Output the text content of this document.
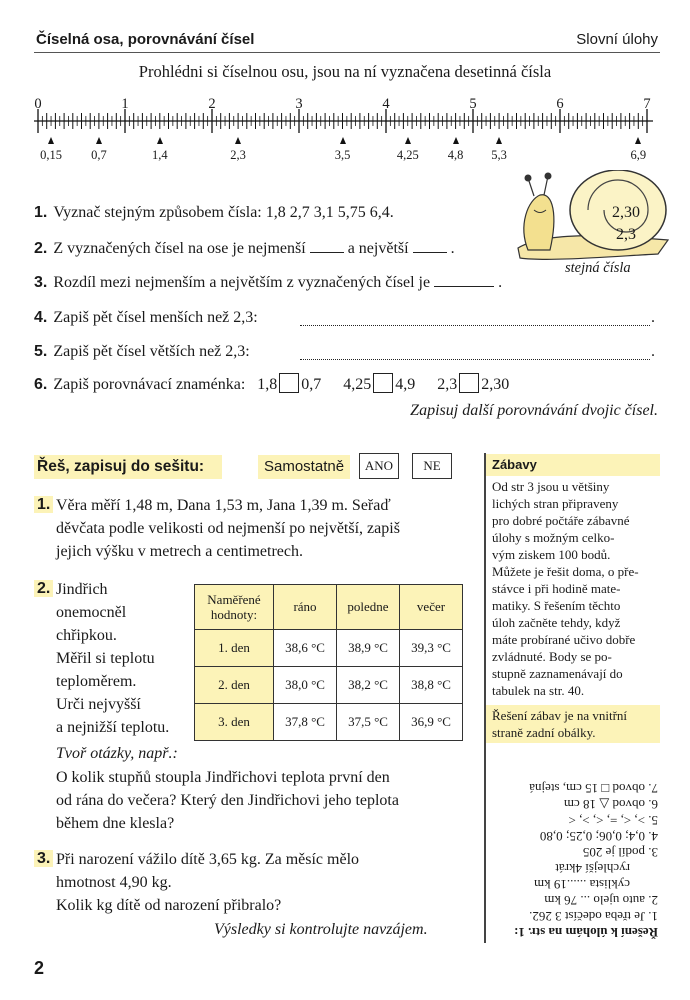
Číselná osa, porovnávání čísel	Slovní úlohy
Prohlédni si číselnou osu, jsou na ní vyznačena desetinná čísla
0	1	2	3	4	5	6	7
0,15 0,7	1,4	2,3	3,5	4,25 4,8 5,3	6,9
2,30
2,3
stejná čísla
1. Vyznač stejným způsobem čísla: 1,8 2,7 3,1 5,75 6,4.
2. Z vyznačených čísel na ose je nejmenší	a největší	.
3. Rozdíl mezi nejmenším a největším z vyznačených čísel je	.
4. Zapiš pět čísel menších než 2,3:	.
5. Zapiš pět čísel větších než 2,3:	.
6. Zapiš porovnávací znaménka: 1,8 0,7 4,25 4,9 2,3 2,30
Zapisuj další porovnávání dvojic čísel.
Řeš, zapisuj do sešitu:	Samostatně	ANO	NE
1. Věra měří 1,48 m, Dana 1,53 m, Jana 1,39 m. Seřaď
děvčata podle velikosti od nejmenší po největší, zapiš
jejich výšku v metrech a centimetrech.
2. Jindřich
onemocněl
chřipkou.
Měřil si teplotu
teploměrem.
Urči nejvyšší
a nejnižší teplotu.
Naměřené hodnoty:	ráno	poledne	večer
1. den	38,6 °C	38,9 °C	39,3 °C
2. den	38,0 °C	38,2 °C	38,8 °C
3. den	37,8 °C	37,5 °C	36,9 °C
Tvoř otázky, např.:
O kolik stupňů stoupla Jindřichovi teplota první den
od rána do večera? Který den Jindřichovi jeho teplota
během dne klesla?
3. Při narození vážilo dítě 3,65 kg. Za měsíc mělo
hmotnost 4,90 kg.
Kolik kg dítě od narození přibralo?
Výsledky si kontrolujte navzájem.
Zábavy
Od str 3 jsou u většiny
lichých stran připraveny
pro dobré počtáře zábavné
úlohy s možným celko-
vým ziskem 100 bodů.
Můžete je řešit doma, o pře-
stávce i při hodině mate-
matiky. S řešením těchto
úloh začněte tehdy, když
máte probírané učivo dobře
zvládnuté. Body se po-
stupně zaznamenávají do
tabulek na str. 40.
Řešení zábav je na vnitřní
straně zadní obálky.
Řešení k úlohám na str. 1:
1. Je třeba odečíst 3 262.
2. auto ujelo ... 76 km
cyklista ......19 km
rychlejší 4krát
3. podíl je 205
4. 0,4; 0,06; 0,25; 0,80
5. >, <, =, <, >, <
6. obvod △ 18 cm
7. obvod □ 15 cm, stejná
2
